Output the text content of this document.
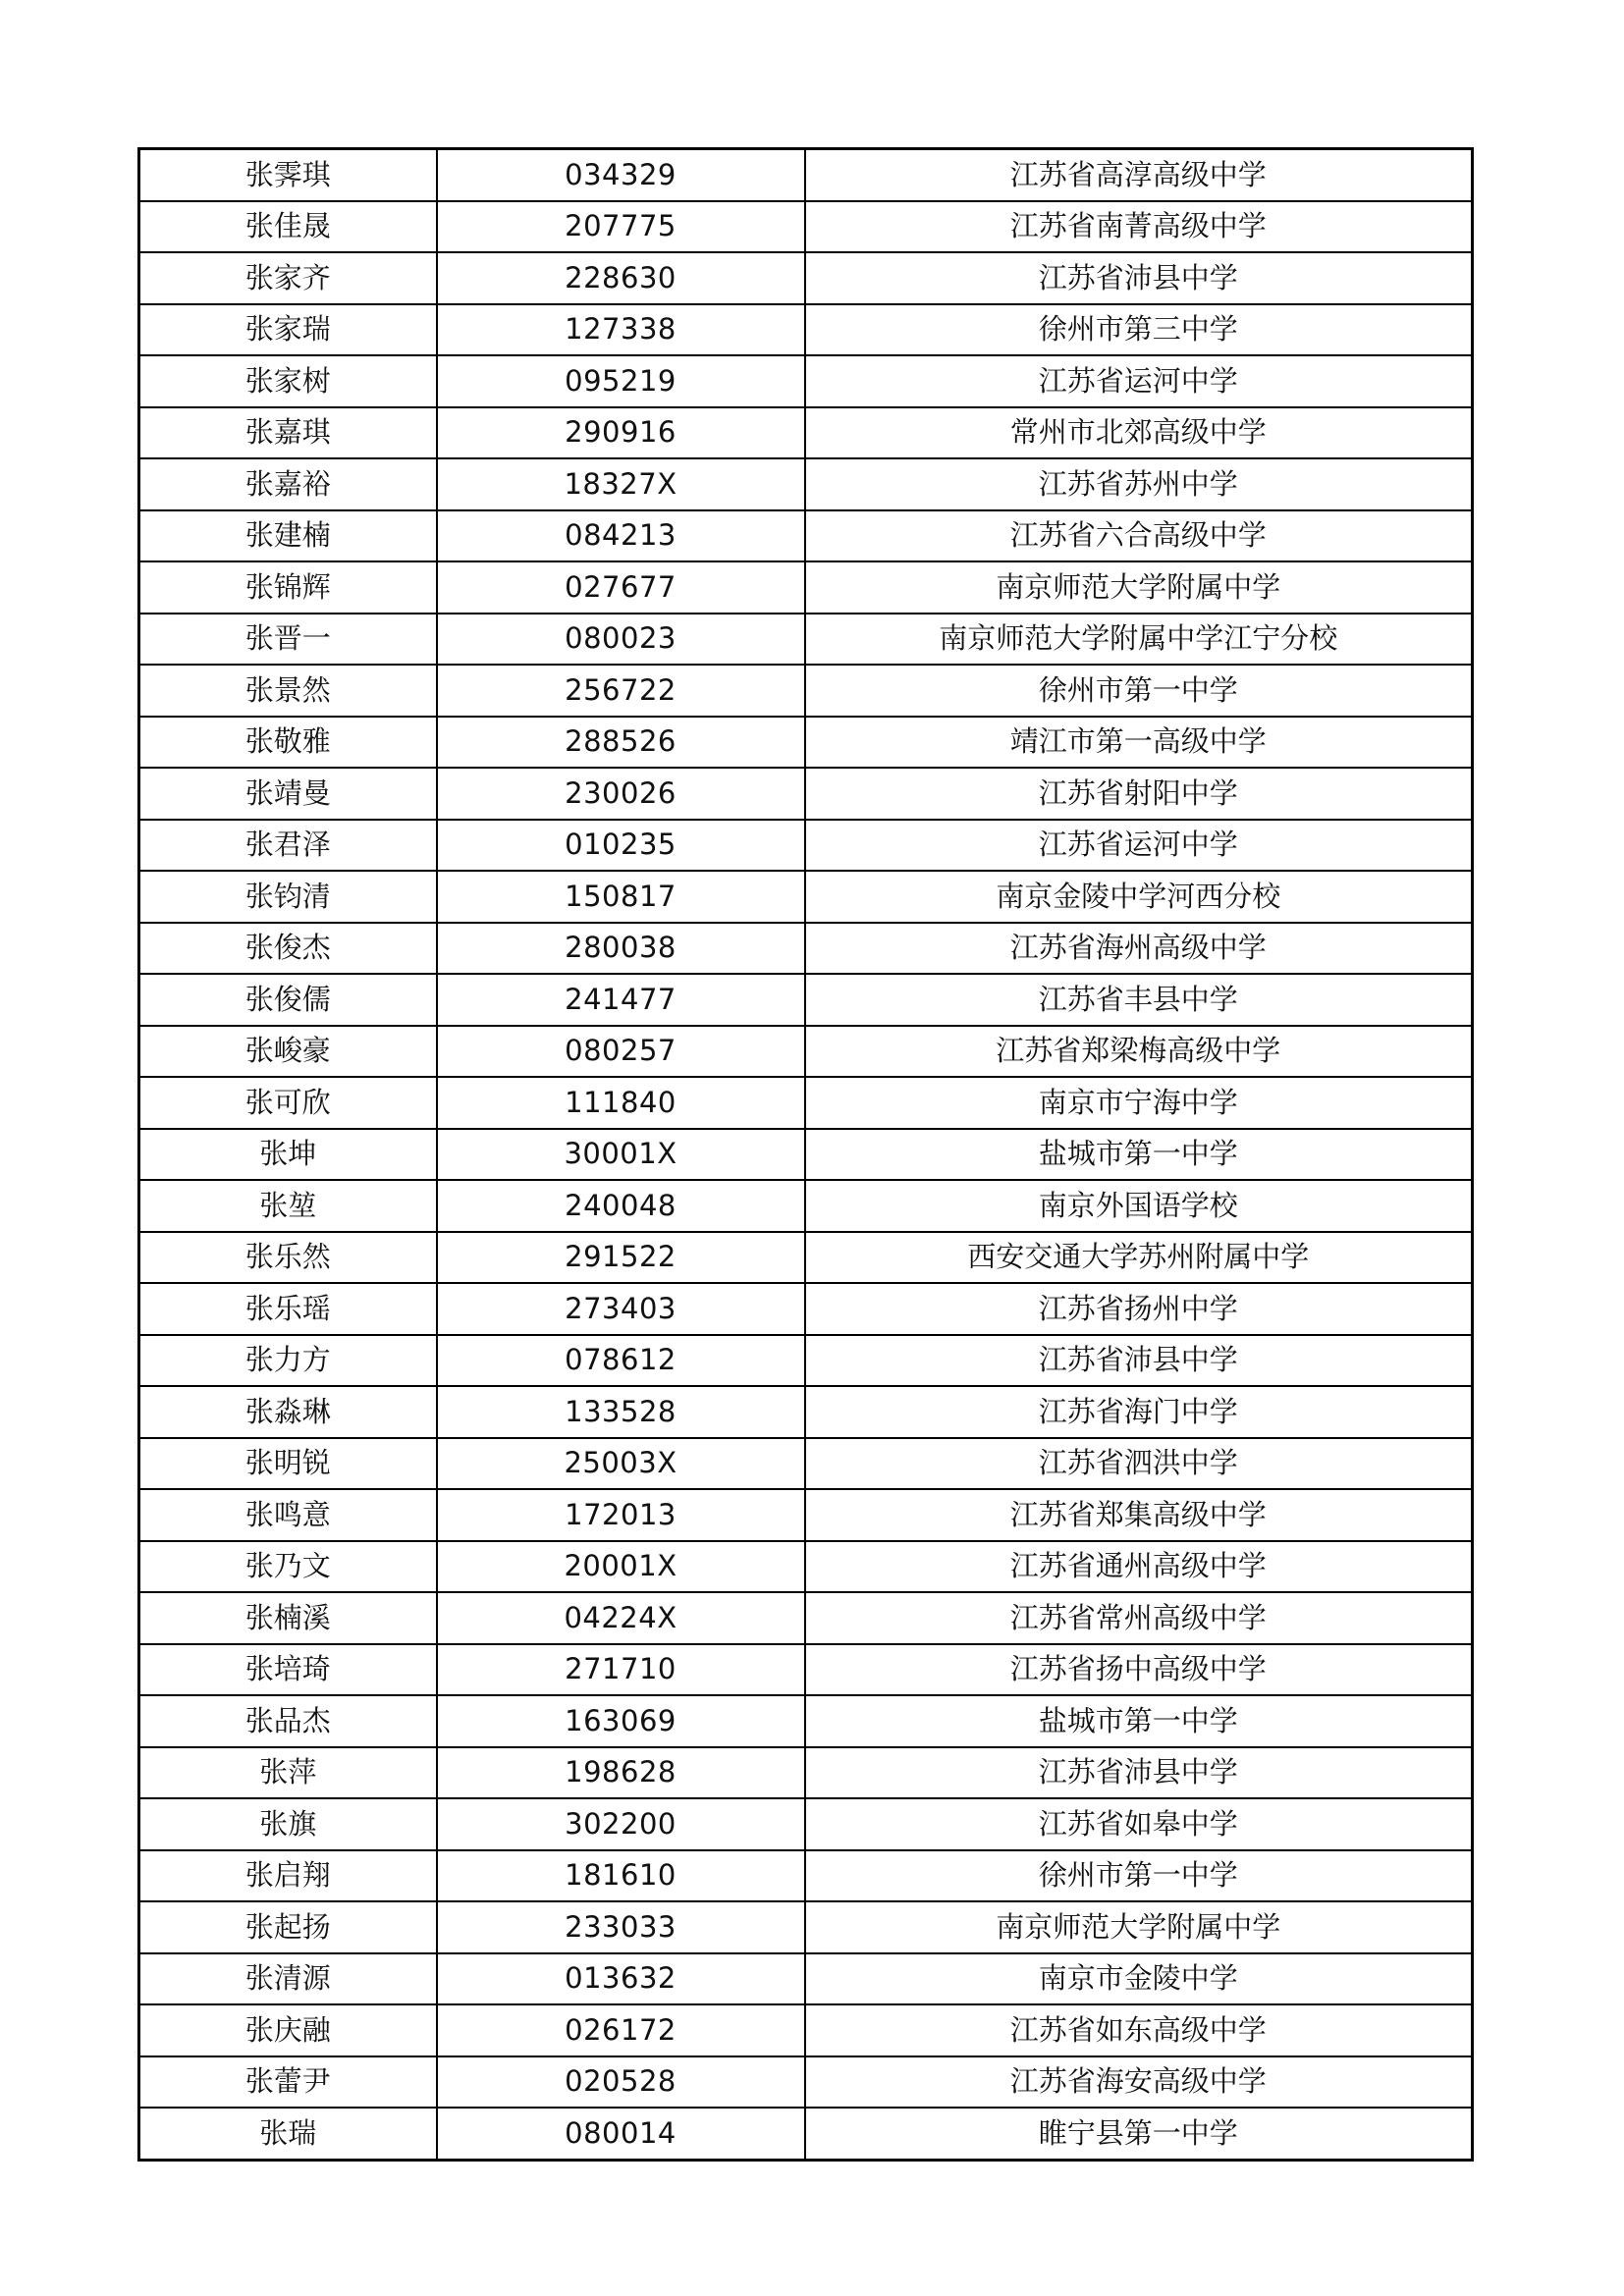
张霁琪	034329	江苏省高淳高级中学
张佳晟	207775	江苏省南菁高级中学
张家齐	228630	江苏省沛县中学
张家瑞	127338	徐州市第三中学
张家树	095219	江苏省运河中学
张嘉琪	290916	常州市北郊高级中学
张嘉裕	18327X	江苏省苏州中学
张建楠	084213	江苏省六合高级中学
张锦辉	027677	南京师范大学附属中学
张晋一	080023	南京师范大学附属中学江宁分校
张景然	256722	徐州市第一中学
张敬雅	288526	靖江市第一高级中学
张靖曼	230026	江苏省射阳中学
张君泽	010235	江苏省运河中学
张钧清	150817	南京金陵中学河西分校
张俊杰	280038	江苏省海州高级中学
张俊儒	241477	江苏省丰县中学
张峻豪	080257	江苏省郑梁梅高级中学
张可欣	111840	南京市宁海中学
张坤	30001X	盐城市第一中学
张堃	240048	南京外国语学校
张乐然	291522	西安交通大学苏州附属中学
张乐瑶	273403	江苏省扬州中学
张力方	078612	江苏省沛县中学
张淼琳	133528	江苏省海门中学
张明锐	25003X	江苏省泗洪中学
张鸣意	172013	江苏省郑集高级中学
张乃文	20001X	江苏省通州高级中学
张楠溪	04224X	江苏省常州高级中学
张培琦	271710	江苏省扬中高级中学
张品杰	163069	盐城市第一中学
张萍	198628	江苏省沛县中学
张旗	302200	江苏省如皋中学
张启翔	181610	徐州市第一中学
张起扬	233033	南京师范大学附属中学
张清源	013632	南京市金陵中学
张庆融	026172	江苏省如东高级中学
张蕾尹	020528	江苏省海安高级中学
张瑞	080014	睢宁县第一中学
